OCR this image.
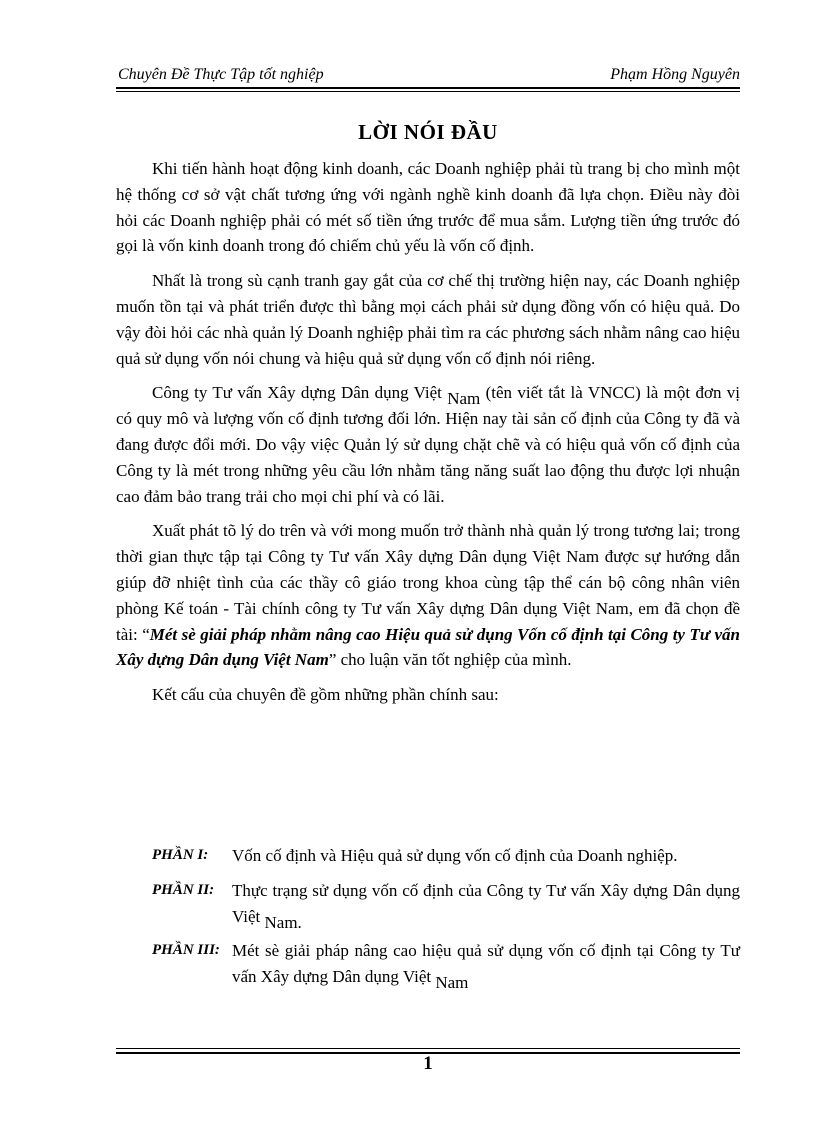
Chuyên Đề Thực Tập tốt nghiệp	Phạm Hồng Nguyên
LỜI NÓI ĐẦU

Khi tiến hành hoạt động kinh doanh, các Doanh nghiệp phải tù trang bị cho mình một hệ thống cơ sở vật chất tương ứng với ngành nghề kinh doanh đã lựa chọn. Điều này đòi hỏi các Doanh nghiệp phải có mét số tiền ứng trước để mua sắm. Lượng tiền ứng trước đó gọi là vốn kinh doanh trong đó chiếm chủ yếu là vốn cố định.

Nhất là trong sù cạnh tranh gay gắt của cơ chế thị trường hiện nay, các Doanh nghiệp muốn tồn tại và phát triển được thì bằng mọi cách phải sử dụng đồng vốn có hiệu quả. Do vậy đòi hỏi các nhà quản lý Doanh nghiệp phải tìm ra các phương sách nhằm nâng cao hiệu quả sử dụng vốn nói chung và hiệu quả sử dụng vốn cố định nói riêng.

Công ty Tư vấn Xây dựng Dân dụng Việt Nam (tên viết tắt là VNCC) là một đơn vị có quy mô và lượng vốn cố định tương đối lớn. Hiện nay tài sản cố định của Công ty đã và đang được đổi mới. Do vậy việc Quản lý sử dụng chặt chẽ và có hiệu quả vốn cố định của Công ty là mét trong những yêu cầu lớn nhằm tăng năng suất lao động thu được lợi nhuận cao đảm bảo trang trải cho mọi chi phí và có lãi.

Xuất phát tõ lý do trên và với mong muốn trở thành nhà quản lý trong tương lai; trong thời gian thực tập tại Công ty Tư vấn Xây dựng Dân dụng Việt Nam được sự hướng dẫn giúp đỡ nhiệt tình của các thầy cô giáo trong khoa cùng tập thể cán bộ công nhân viên phòng Kế toán - Tài chính công ty Tư vấn Xây dựng Dân dụng Việt Nam, em đã chọn đề tài: “Mét sè giải pháp nhằm nâng cao Hiệu quả sử dụng Vốn cố định tại Công ty Tư vấn Xây dựng Dân dụng Việt Nam” cho luận văn tốt nghiệp của mình.

Kết cấu của chuyên đề gồm những phần chính sau:

PHẦN I:	Vốn cố định và Hiệu quả sử dụng vốn cố định của Doanh nghiệp.
PHẦN II:	Thực trạng sử dụng vốn cố định của Công ty Tư vấn Xây dựng Dân dụng Việt Nam.
PHẦN III: Mét sè giải pháp nâng cao hiệu quả sử dụng vốn cố định tại Công ty Tư vấn Xây dựng Dân dụng Việt Nam
1
